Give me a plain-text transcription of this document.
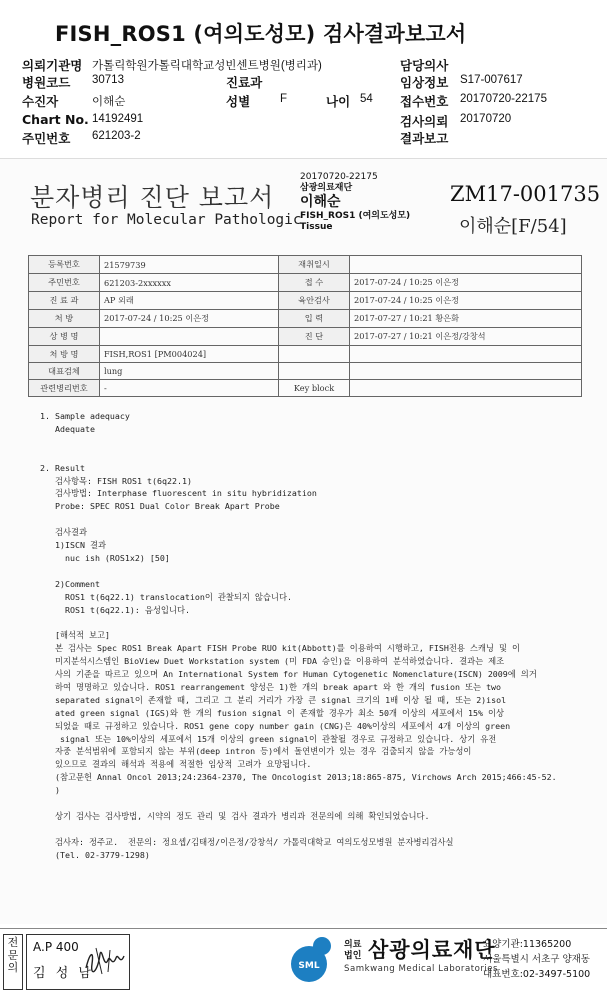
FISH_ROS1 (여의도성모) 검사결과보고서
의뢰기관명 가톨릭학원가톨릭대학교성빈센트병원(병리과)	담당의사
병원코드 30713	진료과	임상정보 S17-007617
수진자	이해순	성별	F	나이 54 접수번호 20170720-22175
Chart No. 14192491	검사의뢰 20170720
주민번호 621203-2	결과보고
분자병리 진단 보고서
Report for Molecular Pathologic
20170720-22175
삼광의료재단
이해순
FISH_ROS1 (여의도성모)
Tissue
ZM17-001735
이해순[F/54]
등록번호	21579739	재취일시	
주민번호	621203-2xxxxxx	접 수	2017-07-24 / 10:25 이은정
진 료 과	AP 외래	육안검사	2017-07-24 / 10:25 이은정
처 방	2017-07-24 / 10:25 이은정	입 력	2017-07-27 / 10:21 황은화
상 병 명		진 단	2017-07-27 / 10:21 이은정/강창석
처 방 명	FISH,ROS1 [PM004024]		
대표검체	lung		
관련병리번호	-	Key block	
1. Sample adequacy
Adequate
2. Result
검사항목: FISH ROS1 t(6q22.1)
검사방법: Interphase fluorescent in situ hybridization
Probe: SPEC ROS1 Dual Color Break Apart Probe
검사결과
1)ISCN 결과
nuc ish (ROS1x2) [50]
2)Comment
ROS1 t(6q22.1) translocation이 관찰되지 않습니다.
ROS1 t(6q22.1): 음성입니다.
[해석적 보고]
본 검사는 Spec ROS1 Break Apart FISH Probe RUO kit(Abbott)를 이용하여 시행하고, FISH전용 스캐닝 및 이
미지분석시스템인 BioView Duet Workstation system (미 FDA 승인)을 이용하여 분석하였습니다. 결과는 제조
사의 기준을 따르고 있으며 An International System for Human Cytogenetic Nomenclature(ISCN) 2009에 의거
하여 명명하고 있습니다. ROS1 rearrangement 양성은 1)한 개의 break apart 와 한 개의 fusion 또는 two
separated signal이 존재할 때, 그리고 그 분리 거리가 가장 큰 signal 크기의 1배 이상 될 때, 또는 2)isol
ated green signal (IGS)와 한 개의 fusion signal 이 존재할 경우가 최소 50개 이상의 세포에서 15% 이상
되었을 때로 규정하고 있습니다. ROS1 gene copy number gain (CNG)은 40%이상의 세포에서 4개 이상의 green
signal 또는 10%이상의 세포에서 15개 이상의 green signal이 관찰될 경우로 규정하고 있습니다. 상기 유전
자중 분석범위에 포함되지 않는 부위(deep intron 등)에서 돌연변이가 있는 경우 검출되지 않을 가능성이
있으므로 결과의 해석과 적용에 적절한 임상적 고려가 요망됩니다.
(참고문헌 Annal Oncol 2013;24:2364-2370, The Oncologist 2013;18:865-875, Virchows Arch 2015;466:45-52.
)
상기 검사는 검사방법, 시약의 정도 관리 및 검사 결과가 병리과 전문의에 의해 확인되었습니다.
검사자: 정주교.  전문의: 정요셉/김태정/이은정/강창석/ 가톨릭대학교 여의도성모병원 분자병리검사실
(Tel. 02-3779-1298)
전
문
의
A.P 400
김 성 남	SML
의료
법인 삼광의료재단
Samkwang Medical Laboratories
요양기관:11365200
서울특별시 서초구 양재동
대표번호:02-3497-5100
